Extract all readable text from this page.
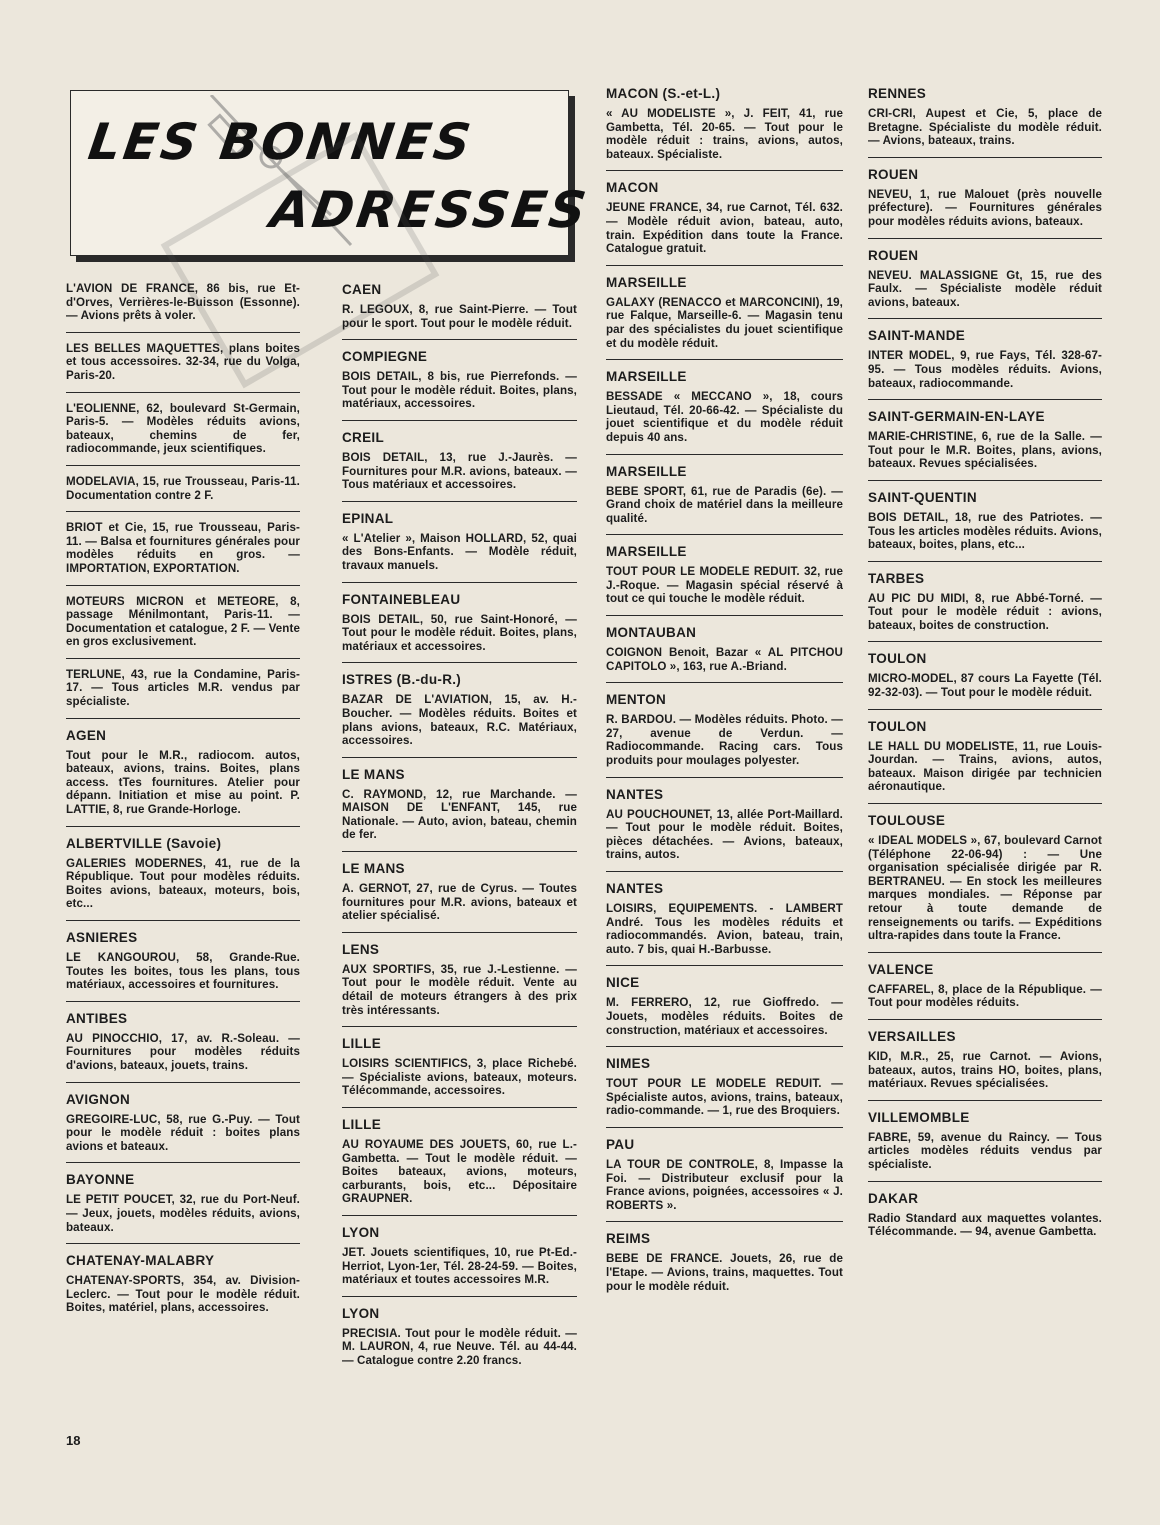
LES BONNES
ADRESSES
L'AVION DE FRANCE, 86 bis, rue Et-d'Orves, Verrières-le-Buisson (Essonne). — Avions prêts à voler.
LES BELLES MAQUETTES, plans boites et tous accessoires. 32-34, rue du Volga, Paris-20.
L'EOLIENNE, 62, boulevard St-Germain, Paris-5. — Modèles réduits avions, bateaux, chemins de fer, radiocommande, jeux scientifiques.
MODELAVIA, 15, rue Trousseau, Paris-11. Documentation contre 2 F.
BRIOT et Cie, 15, rue Trousseau, Paris-11. — Balsa et fournitures générales pour modèles réduits en gros. — IMPORTATION, EXPORTATION.
MOTEURS MICRON et METEORE, 8, passage Ménilmontant, Paris-11. — Documentation et catalogue, 2 F. — Vente en gros exclusivement.
TERLUNE, 43, rue la Condamine, Paris-17. — Tous articles M.R. vendus par spécialiste.
AGEN
Tout pour le M.R., radiocom. autos, bateaux, avions, trains. Boites, plans access. tTes fournitures. Atelier pour dépann. Initiation et mise au point. P. LATTIE, 8, rue Grande-Horloge.
ALBERTVILLE (Savoie)
GALERIES MODERNES, 41, rue de la République. Tout pour modèles réduits. Boites avions, bateaux, moteurs, bois, etc...
ASNIERES
LE KANGOUROU, 58, Grande-Rue. Toutes les boites, tous les plans, tous matériaux, accessoires et fournitures.
ANTIBES
AU PINOCCHIO, 17, av. R.-Soleau. — Fournitures pour modèles réduits d'avions, bateaux, jouets, trains.
AVIGNON
GREGOIRE-LUC, 58, rue G.-Puy. — Tout pour le modèle réduit : boites plans avions et bateaux.
BAYONNE
LE PETIT POUCET, 32, rue du Port-Neuf. — Jeux, jouets, modèles réduits, avions, bateaux.
CHATENAY-MALABRY
CHATENAY-SPORTS, 354, av. Division-Leclerc. — Tout pour le modèle réduit. Boites, matériel, plans, accessoires.
CAEN
R. LEGOUX, 8, rue Saint-Pierre. — Tout pour le sport. Tout pour le modèle réduit.
COMPIEGNE
BOIS DETAIL, 8 bis, rue Pierrefonds. — Tout pour le modèle réduit. Boites, plans, matériaux, accessoires.
CREIL
BOIS DETAIL, 13, rue J.-Jaurès. — Fournitures pour M.R. avions, bateaux. — Tous matériaux et accessoires.
EPINAL
« L'Atelier », Maison HOLLARD, 52, quai des Bons-Enfants. — Modèle réduit, travaux manuels.
FONTAINEBLEAU
BOIS DETAIL, 50, rue Saint-Honoré, — Tout pour le modèle réduit. Boites, plans, matériaux et accessoires.
ISTRES (B.-du-R.)
BAZAR DE L'AVIATION, 15, av. H.-Boucher. — Modèles réduits. Boites et plans avions, bateaux, R.C. Matériaux, accessoires.
LE MANS
C. RAYMOND, 12, rue Marchande. — MAISON DE L'ENFANT, 145, rue Nationale. — Auto, avion, bateau, chemin de fer.
LE MANS
A. GERNOT, 27, rue de Cyrus. — Toutes fournitures pour M.R. avions, bateaux et atelier spécialisé.
LENS
AUX SPORTIFS, 35, rue J.-Lestienne. — Tout pour le modèle réduit. Vente au détail de moteurs étrangers à des prix très intéressants.
LILLE
LOISIRS SCIENTIFICS, 3, place Richebé. — Spécialiste avions, bateaux, moteurs. Télécommande, accessoires.
LILLE
AU ROYAUME DES JOUETS, 60, rue L.-Gambetta. — Tout le modèle réduit. — Boites bateaux, avions, moteurs, carburants, bois, etc... Dépositaire GRAUPNER.
LYON
JET. Jouets scientifiques, 10, rue Pt-Ed.-Herriot, Lyon-1er, Tél. 28-24-59. — Boites, matériaux et toutes accessoires M.R.
LYON
PRECISIA. Tout pour le modèle réduit. — M. LAURON, 4, rue Neuve. Tél. au 44-44. — Catalogue contre 2.20 francs.
MACON (S.-et-L.)
« AU MODELISTE », J. FEIT, 41, rue Gambetta, Tél. 20-65. — Tout pour le modèle réduit : trains, avions, autos, bateaux. Spécialiste.
MACON
JEUNE FRANCE, 34, rue Carnot, Tél. 632. — Modèle réduit avion, bateau, auto, train. Expédition dans toute la France. Catalogue gratuit.
MARSEILLE
GALAXY (RENACCO et MARCONCINI), 19, rue Falque, Marseille-6. — Magasin tenu par des spécialistes du jouet scientifique et du modèle réduit.
MARSEILLE
BESSADE « MECCANO », 18, cours Lieutaud, Tél. 20-66-42. — Spécialiste du jouet scientifique et du modèle réduit depuis 40 ans.
MARSEILLE
BEBE SPORT, 61, rue de Paradis (6e). — Grand choix de matériel dans la meilleure qualité.
MARSEILLE
TOUT POUR LE MODELE REDUIT. 32, rue J.-Roque. — Magasin spécial réservé à tout ce qui touche le modèle réduit.
MONTAUBAN
COIGNON Benoit, Bazar « AL PITCHOU CAPITOLO », 163, rue A.-Briand.
MENTON
R. BARDOU. — Modèles réduits. Photo. — 27, avenue de Verdun. — Radiocommande. Racing cars. Tous produits pour moulages polyester.
NANTES
AU POUCHOUNET, 13, allée Port-Maillard. — Tout pour le modèle réduit. Boites, pièces détachées. — Avions, bateaux, trains, autos.
NANTES
LOISIRS, EQUIPEMENTS. - LAMBERT André. Tous les modèles réduits et radiocommandés. Avion, bateau, train, auto. 7 bis, quai H.-Barbusse.
NICE
M. FERRERO, 12, rue Gioffredo. — Jouets, modèles réduits. Boites de construction, matériaux et accessoires.
NIMES
TOUT POUR LE MODELE REDUIT. — Spécialiste autos, avions, trains, bateaux, radio-commande. — 1, rue des Broquiers.
PAU
LA TOUR DE CONTROLE, 8, Impasse la Foi. — Distributeur exclusif pour la France avions, poignées, accessoires « J. ROBERTS ».
REIMS
BEBE DE FRANCE. Jouets, 26, rue de l'Etape. — Avions, trains, maquettes. Tout pour le modèle réduit.
RENNES
CRI-CRI, Aupest et Cie, 5, place de Bretagne. Spécialiste du modèle réduit. — Avions, bateaux, trains.
ROUEN
NEVEU, 1, rue Malouet (près nouvelle préfecture). — Fournitures générales pour modèles réduits avions, bateaux.
ROUEN
NEVEU. MALASSIGNE Gt, 15, rue des Faulx. — Spécialiste modèle réduit avions, bateaux.
SAINT-MANDE
INTER MODEL, 9, rue Fays, Tél. 328-67-95. — Tous modèles réduits. Avions, bateaux, radiocommande.
SAINT-GERMAIN-EN-LAYE
MARIE-CHRISTINE, 6, rue de la Salle. — Tout pour le M.R. Boites, plans, avions, bateaux. Revues spécialisées.
SAINT-QUENTIN
BOIS DETAIL, 18, rue des Patriotes. — Tous les articles modèles réduits. Avions, bateaux, boites, plans, etc...
TARBES
AU PIC DU MIDI, 8, rue Abbé-Torné. — Tout pour le modèle réduit : avions, bateaux, boites de construction.
TOULON
MICRO-MODEL, 87 cours La Fayette (Tél. 92-32-03). — Tout pour le modèle réduit.
TOULON
LE HALL DU MODELISTE, 11, rue Louis-Jourdan. — Trains, avions, autos, bateaux. Maison dirigée par technicien aéronautique.
TOULOUSE
« IDEAL MODELS », 67, boulevard Carnot (Téléphone 22-06-94) : — Une organisation spécialisée dirigée par R. BERTRANEU. — En stock les meilleures marques mondiales. — Réponse par retour à toute demande de renseignements ou tarifs. — Expéditions ultra-rapides dans toute la France.
VALENCE
CAFFAREL, 8, place de la République. — Tout pour modèles réduits.
VERSAILLES
KID, M.R., 25, rue Carnot. — Avions, bateaux, autos, trains HO, boites, plans, matériaux. Revues spécialisées.
VILLEMOMBLE
FABRE, 59, avenue du Raincy. — Tous articles modèles réduits vendus par spécialiste.
DAKAR
Radio Standard aux maquettes volantes. Télécommande. — 94, avenue Gambetta.
18
